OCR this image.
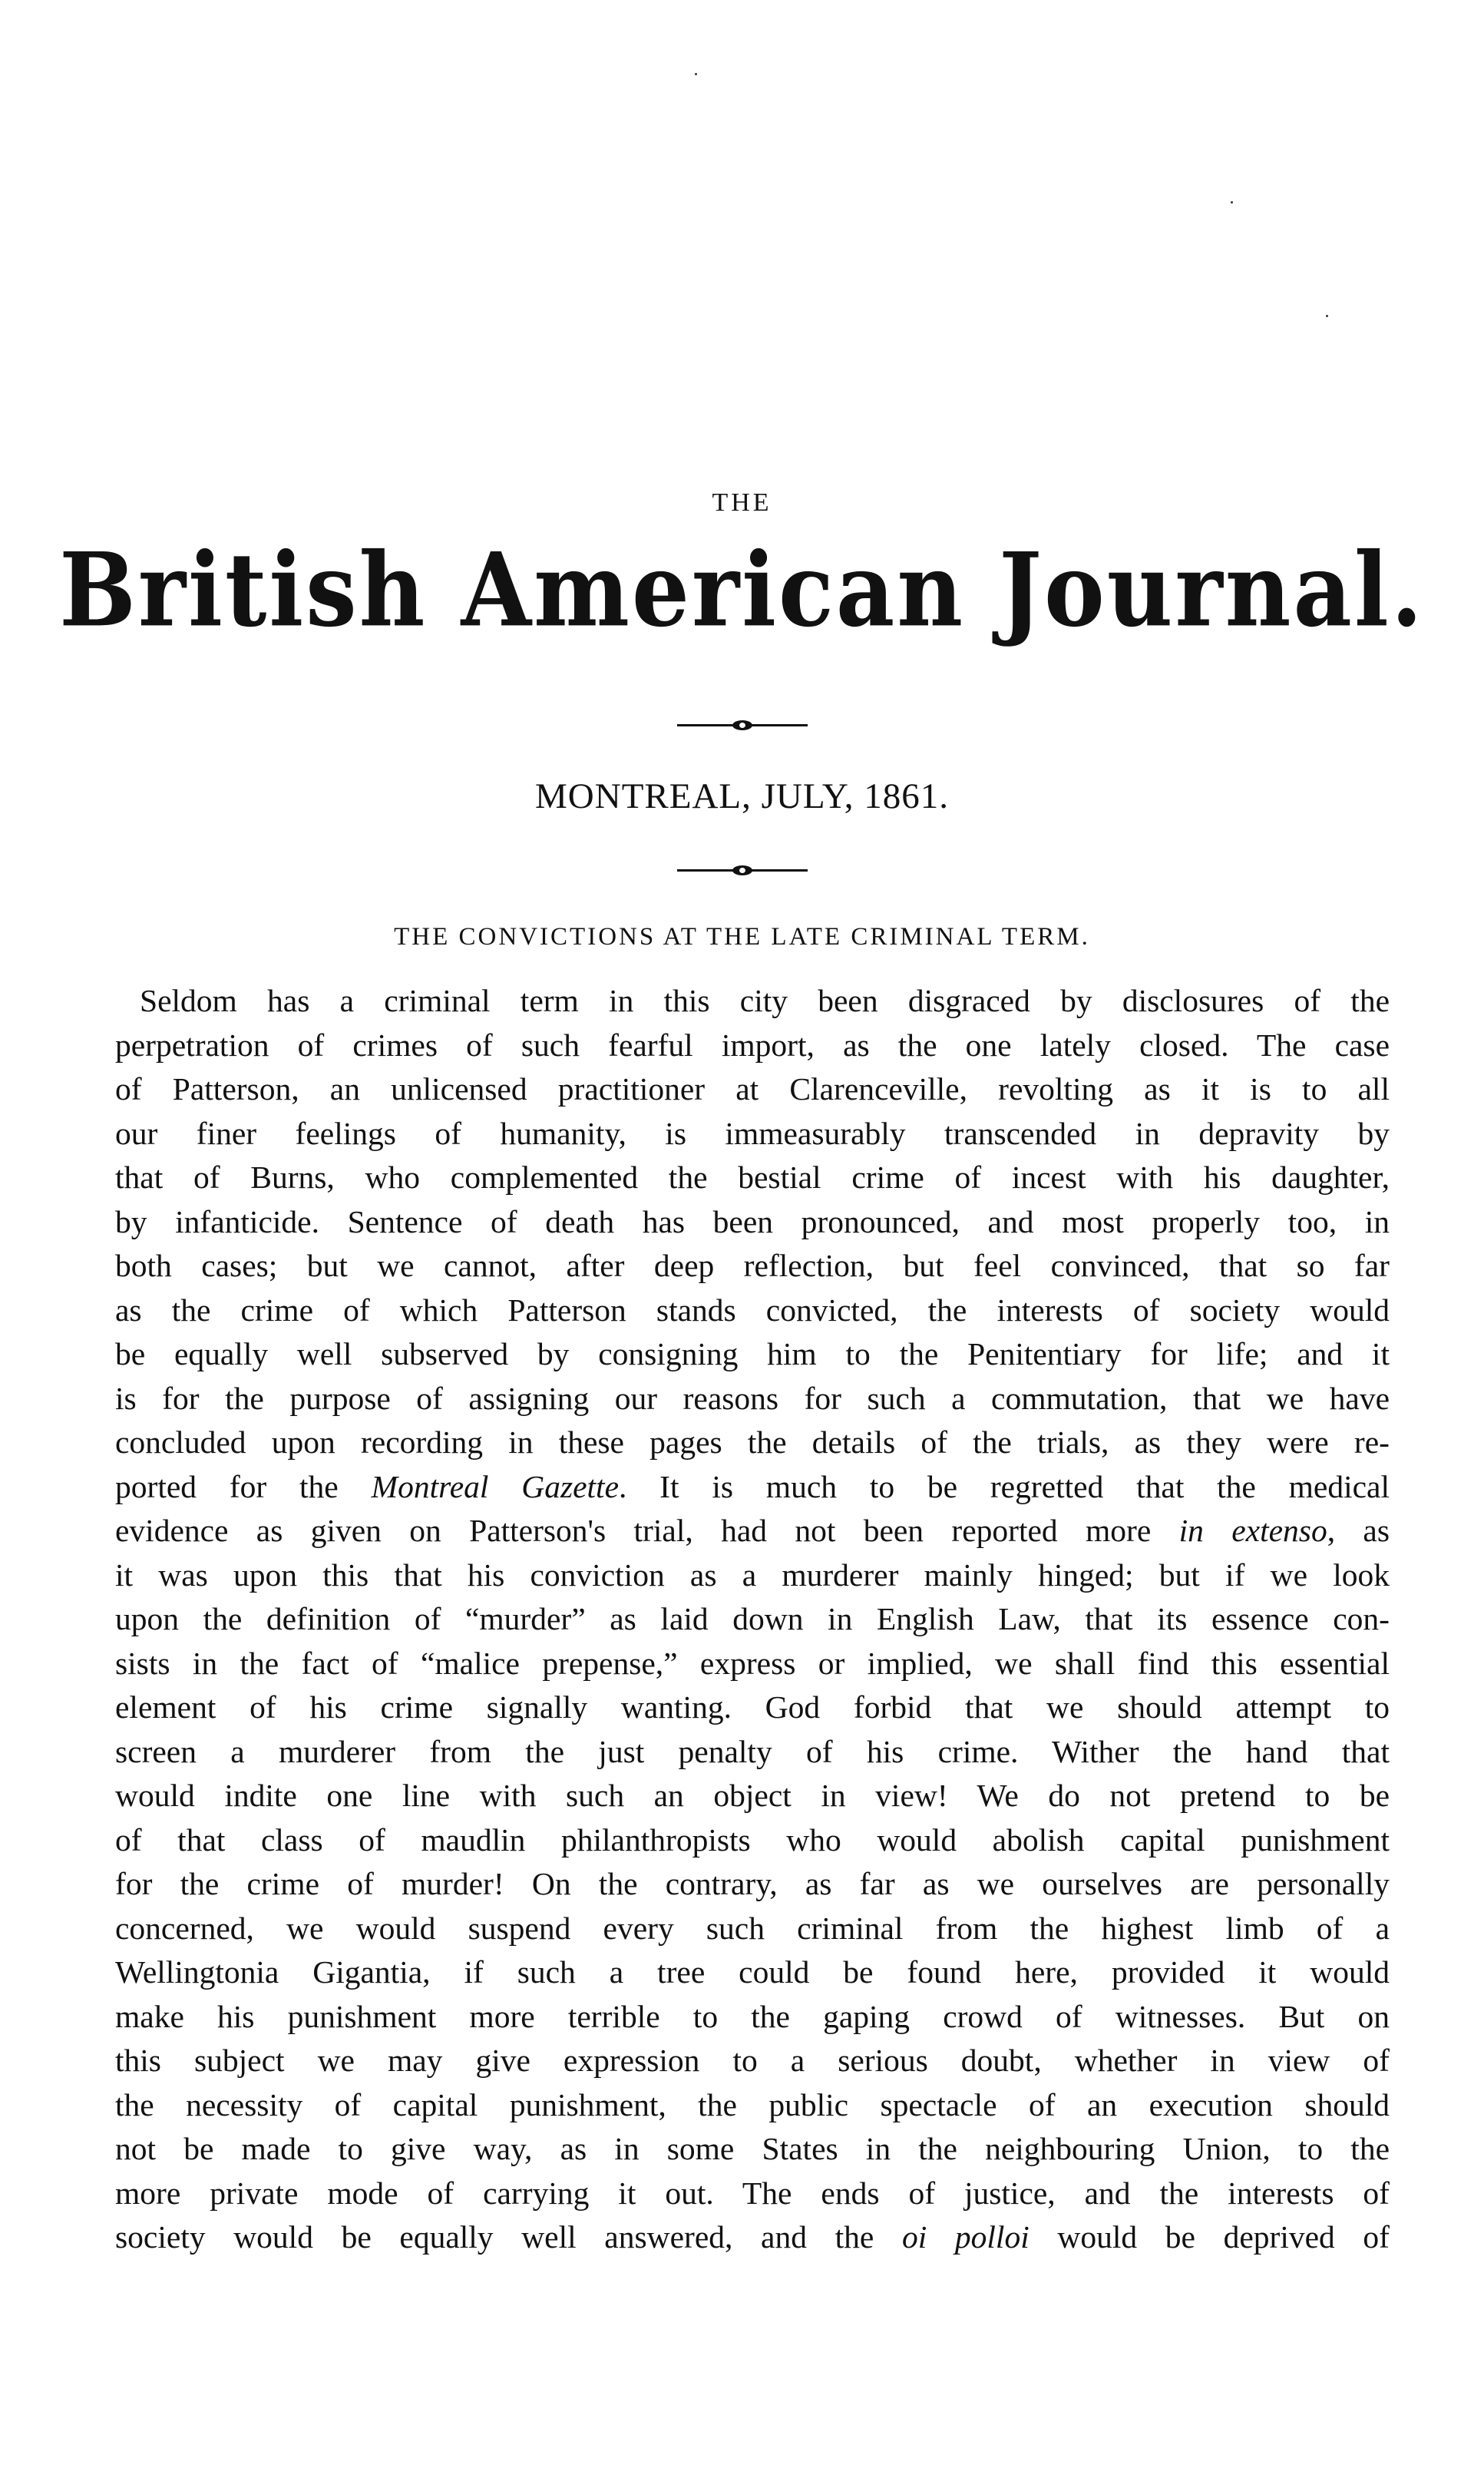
THE
British American Journal.
MONTREAL, JULY, 1861.
THE CONVICTIONS AT THE LATE CRIMINAL TERM.
Seldom has a criminal term in this city been disgraced by disclosures of the
perpetration of crimes of such fearful import, as the one lately closed. The case
of Patterson, an unlicensed practitioner at Clarenceville, revolting as it is to all
our finer feelings of humanity, is immeasurably transcended in depravity by
that of Burns, who complemented the bestial crime of incest with his daughter,
by infanticide. Sentence of death has been pronounced, and most properly too, in
both cases; but we cannot, after deep reflection, but feel convinced, that so far
as the crime of which Patterson stands convicted, the interests of society would
be equally well subserved by consigning him to the Penitentiary for life; and it
is for the purpose of assigning our reasons for such a commutation, that we have
concluded upon recording in these pages the details of the trials, as they were re-
ported for the Montreal Gazette. It is much to be regretted that the medical
evidence as given on Patterson's trial, had not been reported more in extenso, as
it was upon this that his conviction as a murderer mainly hinged; but if we look
upon the definition of “murder” as laid down in English Law, that its essence con-
sists in the fact of “malice prepense,” express or implied, we shall find this essential
element of his crime signally wanting. God forbid that we should attempt to
screen a murderer from the just penalty of his crime. Wither the hand that
would indite one line with such an object in view! We do not pretend to be
of that class of maudlin philanthropists who would abolish capital punishment
for the crime of murder! On the contrary, as far as we ourselves are personally
concerned, we would suspend every such criminal from the highest limb of a
Wellingtonia Gigantia, if such a tree could be found here, provided it would
make his punishment more terrible to the gaping crowd of witnesses. But on
this subject we may give expression to a serious doubt, whether in view of
the necessity of capital punishment, the public spectacle of an execution should
not be made to give way, as in some States in the neighbouring Union, to the
more private mode of carrying it out. The ends of justice, and the interests of
society would be equally well answered, and the oi polloi would be deprived of
